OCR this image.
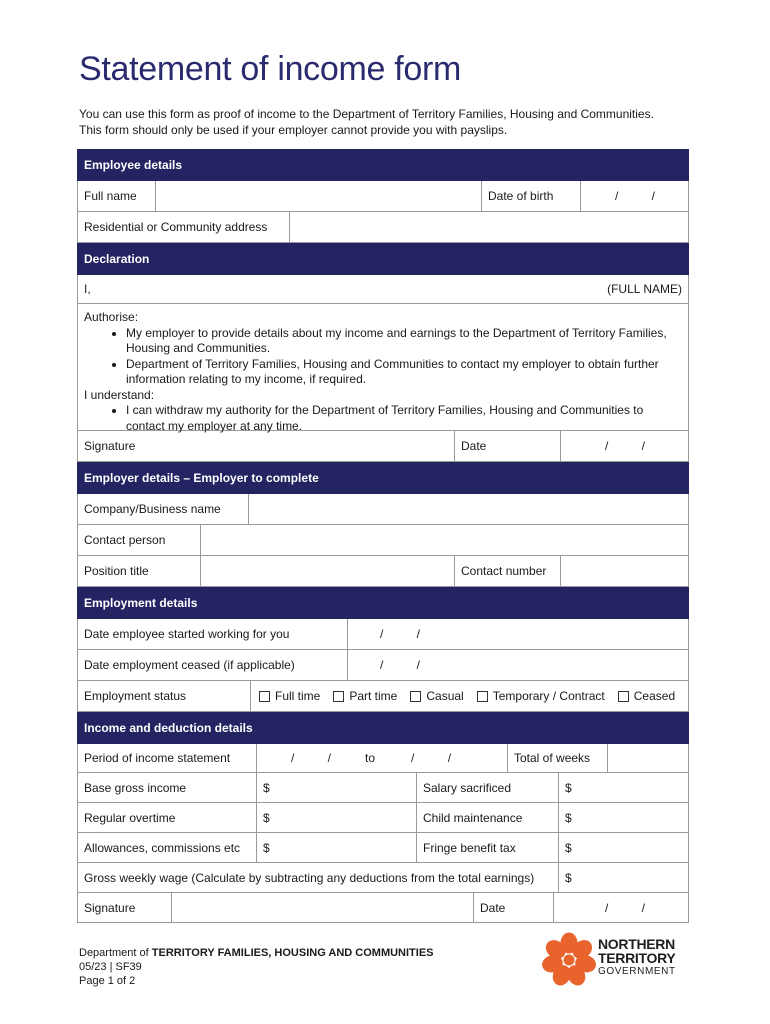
Statement of income form
You can use this form as proof of income to the Department of Territory Families, Housing and Communities. This form should only be used if your employer cannot provide you with payslips.
Employee details
Full name	Date of birth	/          /
Residential or Community address
Declaration
I,	(FULL NAME)
Authorise:
• My employer to provide details about my income and earnings to the Department of Territory Families, Housing and Communities.
• Department of Territory Families, Housing and Communities to contact my employer to obtain further information relating to my income, if required.
I understand:
• I can withdraw my authority for the Department of Territory Families, Housing and Communities to contact my employer at any time.
Signature	Date	/          /
Employer details – Employer to complete
Company/Business name
Contact person
Position title	Contact number
Employment details
Date employee started working for you	/          /
Date employment ceased (if applicable)	/          /
Employment status	Full time Part time Casual Temporary / Contract Ceased
Income and deduction details
Period of income statement	/          /	to	/          /	Total of weeks
Base gross income	$	Salary sacrificed	$
Regular overtime	$	Child maintenance	$
Allowances, commissions etc	$	Fringe benefit tax	$
Gross weekly wage (Calculate by subtracting any deductions from the total earnings)	$
Signature	Date	/          /
Department of TERRITORY FAMILIES, HOUSING AND COMMUNITIES
05/23 | SF39
Page 1 of 2
NORTHERN
TERRITORY
GOVERNMENT
